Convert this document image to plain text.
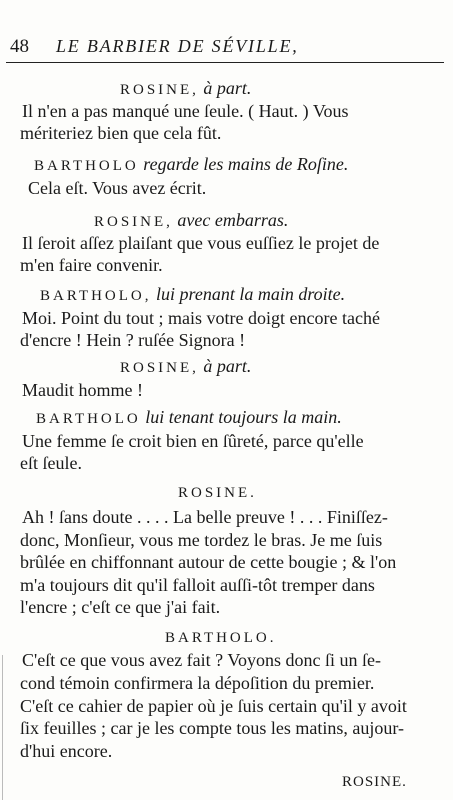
48 LE BARBIER DE SÉVILLE,
ROSINE, à part.
Il n'en a pas manqué une ſeule. ( Haut. ) Vous
mériteriez bien que cela fût.
BARTHOLO regarde les mains de Roſine.
Cela eſt. Vous avez écrit.
ROSINE, avec embarras.
Il ſeroit aſſez plaiſant que vous euſſiez le projet de
m'en faire convenir.
BARTHOLO, lui prenant la main droite.
Moi. Point du tout ; mais votre doigt encore taché
d'encre ! Hein ? ruſée Signora !
ROSINE, à part.
Maudit homme !
BARTHOLO lui tenant toujours la main.
Une femme ſe croit bien en ſûreté, parce qu'elle
eſt ſeule.
ROSINE.
Ah ! ſans doute . . . . La belle preuve ! . . . Finiſſez-
donc, Monſieur, vous me tordez le bras. Je me ſuis
brûlée en chiffonnant autour de cette bougie ; & l'on
m'a toujours dit qu'il falloit auſſi-tôt tremper dans
l'encre ; c'eſt ce que j'ai fait.
BARTHOLO.
C'eſt ce que vous avez fait ? Voyons donc ſi un ſe-
cond témoin confirmera la dépoſition du premier.
C'eſt ce cahier de papier où je ſuis certain qu'il y avoit
ſix feuilles ; car je les compte tous les matins, aujour-
d'hui encore.
ROSINE.
